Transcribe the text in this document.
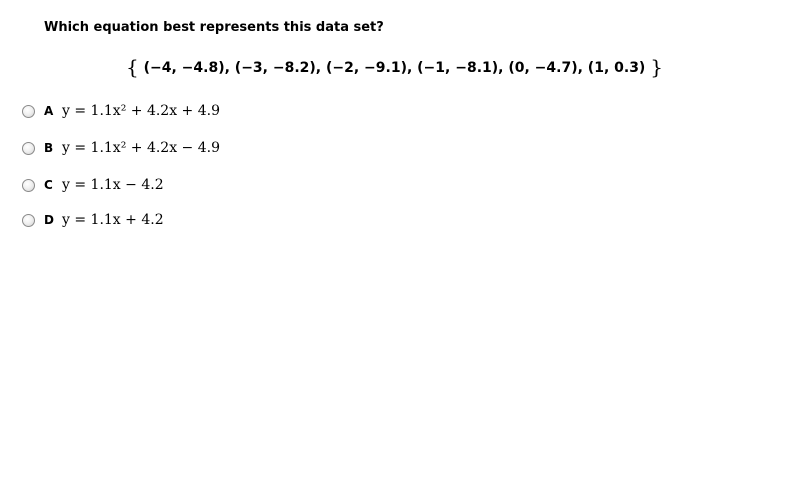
Which equation best represents this data set?
{ (−4, −4.8), (−3, −8.2), (−2, −9.1), (−1, −8.1), (0, −4.7), (1, 0.3) }
A y = 1.1x² + 4.2x + 4.9
B y = 1.1x² + 4.2x − 4.9
C y = 1.1x − 4.2
D y = 1.1x + 4.2
